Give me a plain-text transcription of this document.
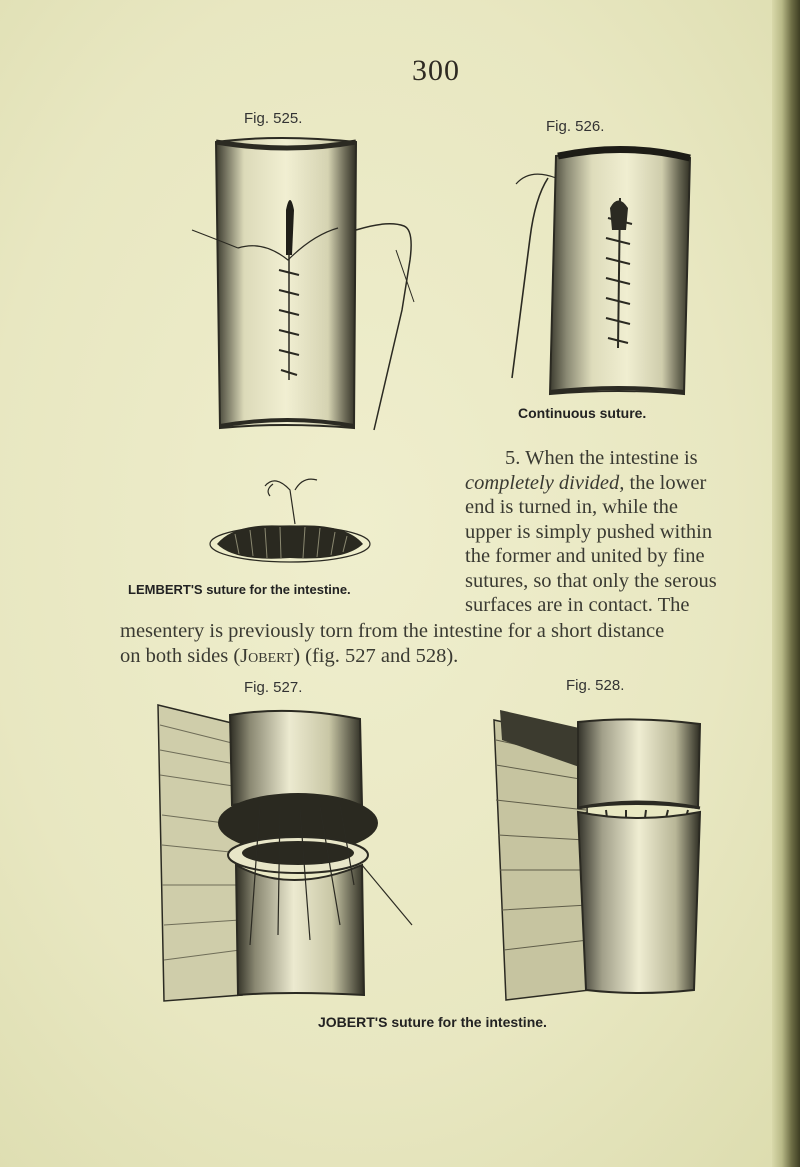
300
Fig. 525.	Fig. 526.
Continuous suture.
LEMBERT'S suture for the intestine.
5. When the intestine is
completely divided, the lower
end is turned in, while the
upper is simply pushed within
the former and united by fine
sutures, so that only the serous
surfaces are in contact. The
mesentery is previously torn from the intestine for a short distance
on both sides (Jobert) (fig. 527 and 528).
Fig. 527.	Fig. 528.
JOBERT'S suture for the intestine.
